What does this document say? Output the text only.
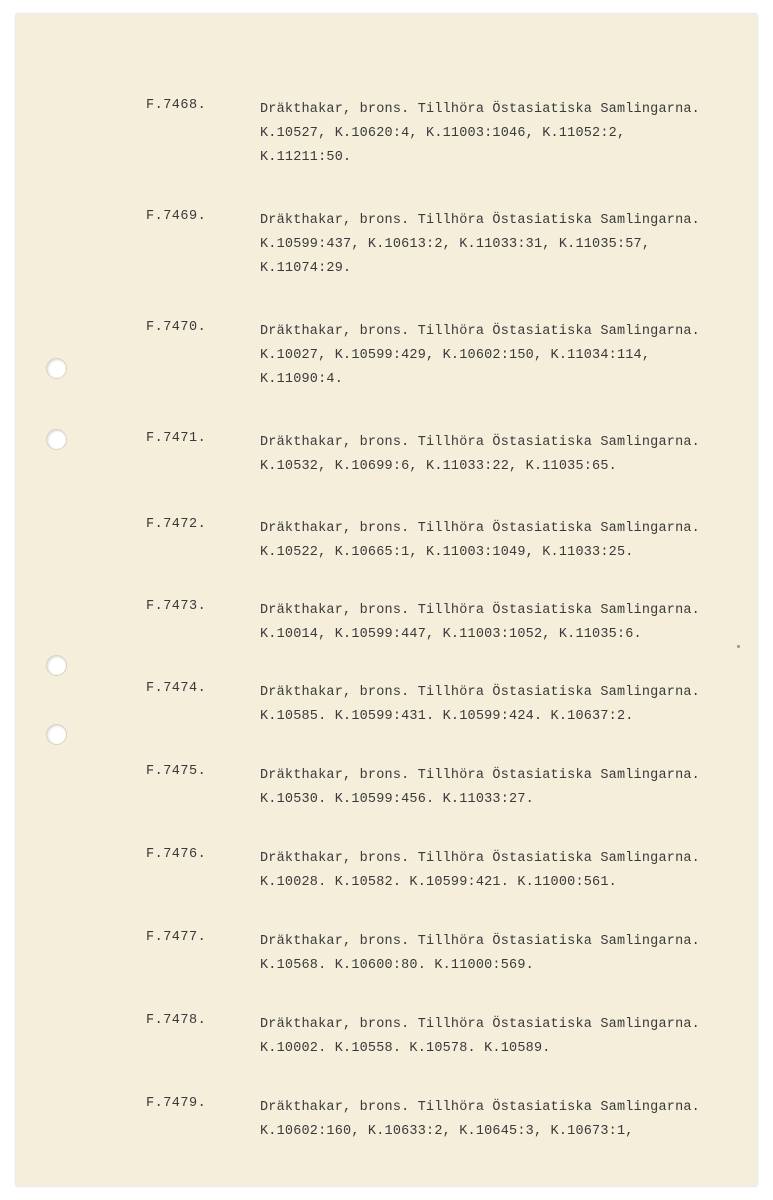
F.7468.	Dräkthakar, brons. Tillhöra Östasiatiska Samlingarna.
K.10527, K.10620:4, K.11003:1046, K.11052:2,
K.11211:50.
F.7469.	Dräkthakar, brons. Tillhöra Östasiatiska Samlingarna.
K.10599:437, K.10613:2, K.11033:31, K.11035:57,
K.11074:29.
F.7470.	Dräkthakar, brons. Tillhöra Östasiatiska Samlingarna.
K.10027, K.10599:429, K.10602:150, K.11034:114,
K.11090:4.
F.7471.	Dräkthakar, brons. Tillhöra Östasiatiska Samlingarna.
K.10532, K.10699:6, K.11033:22, K.11035:65.
F.7472.	Dräkthakar, brons. Tillhöra Östasiatiska Samlingarna.
K.10522, K.10665:1, K.11003:1049, K.11033:25.
F.7473.	Dräkthakar, brons. Tillhöra Östasiatiska Samlingarna.
K.10014, K.10599:447, K.11003:1052, K.11035:6.
F.7474.	Dräkthakar, brons. Tillhöra Östasiatiska Samlingarna.
K.10585. K.10599:431. K.10599:424. K.10637:2.
F.7475.	Dräkthakar, brons. Tillhöra Östasiatiska Samlingarna.
K.10530. K.10599:456. K.11033:27.
F.7476.	Dräkthakar, brons. Tillhöra Östasiatiska Samlingarna.
K.10028. K.10582. K.10599:421. K.11000:561.
F.7477.	Dräkthakar, brons. Tillhöra Östasiatiska Samlingarna.
K.10568. K.10600:80. K.11000:569.
F.7478.	Dräkthakar, brons. Tillhöra Östasiatiska Samlingarna.
K.10002. K.10558. K.10578. K.10589.
F.7479.	Dräkthakar, brons. Tillhöra Östasiatiska Samlingarna.
K.10602:160, K.10633:2, K.10645:3, K.10673:1,
